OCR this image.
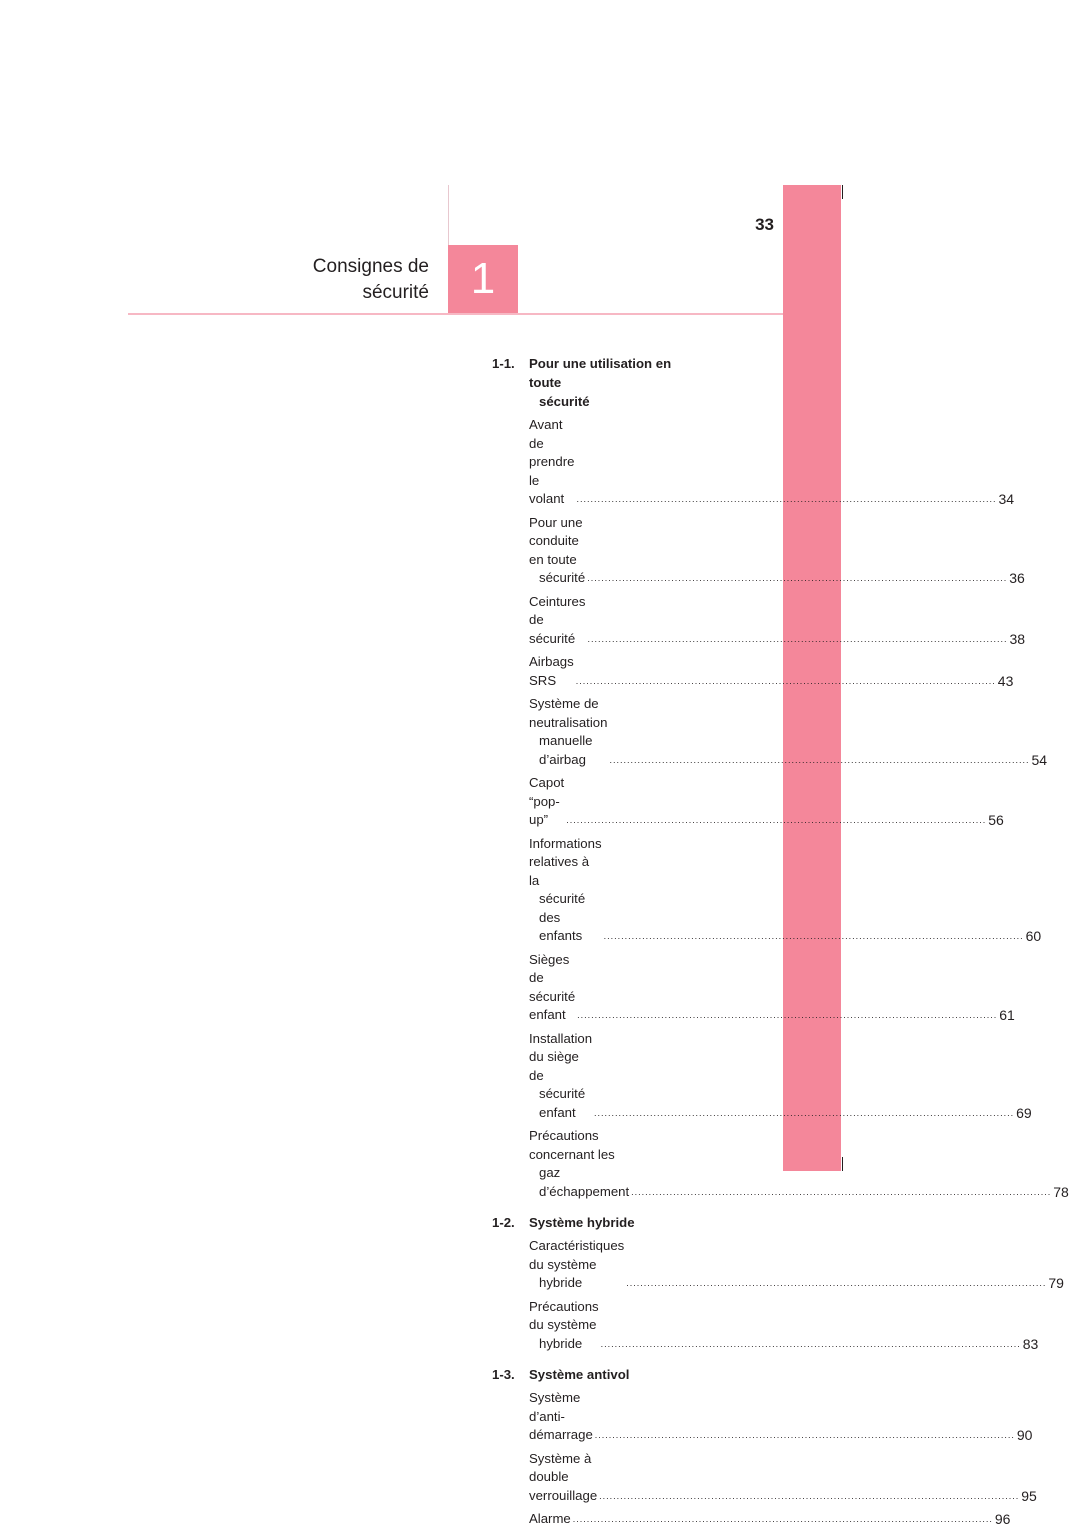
33
Consignes de
sécurité 1
1-1.	Pour une utilisation en toute
sécurité
Avant de prendre le volant	........................................................................................................................ 34
Pour une conduite en toute
sécurité ........................................................................................................................ 36
Ceintures de sécurité	........................................................................................................................ 38
Airbags SRS	........................................................................................................................ 43
Système de neutralisation
manuelle d’airbag	........................................................................................................................ 54
Capot “pop-up”	........................................................................................................................ 56
Informations relatives à la
sécurité des enfants	........................................................................................................................ 60
Sièges de sécurité enfant	........................................................................................................................ 61
Installation du siège de
sécurité enfant	........................................................................................................................ 69
Précautions concernant les
gaz d’échappement ........................................................................................................................ 78
1-2.	Système hybride
Caractéristiques du système
hybride	........................................................................................................................ 79
Précautions du système
hybride	........................................................................................................................ 83
1-3.	Système antivol
Système d’anti-démarrage ........................................................................................................................ 90
Système à double verrouillage ........................................................................................................................ 95
Alarme ........................................................................................................................ 96
